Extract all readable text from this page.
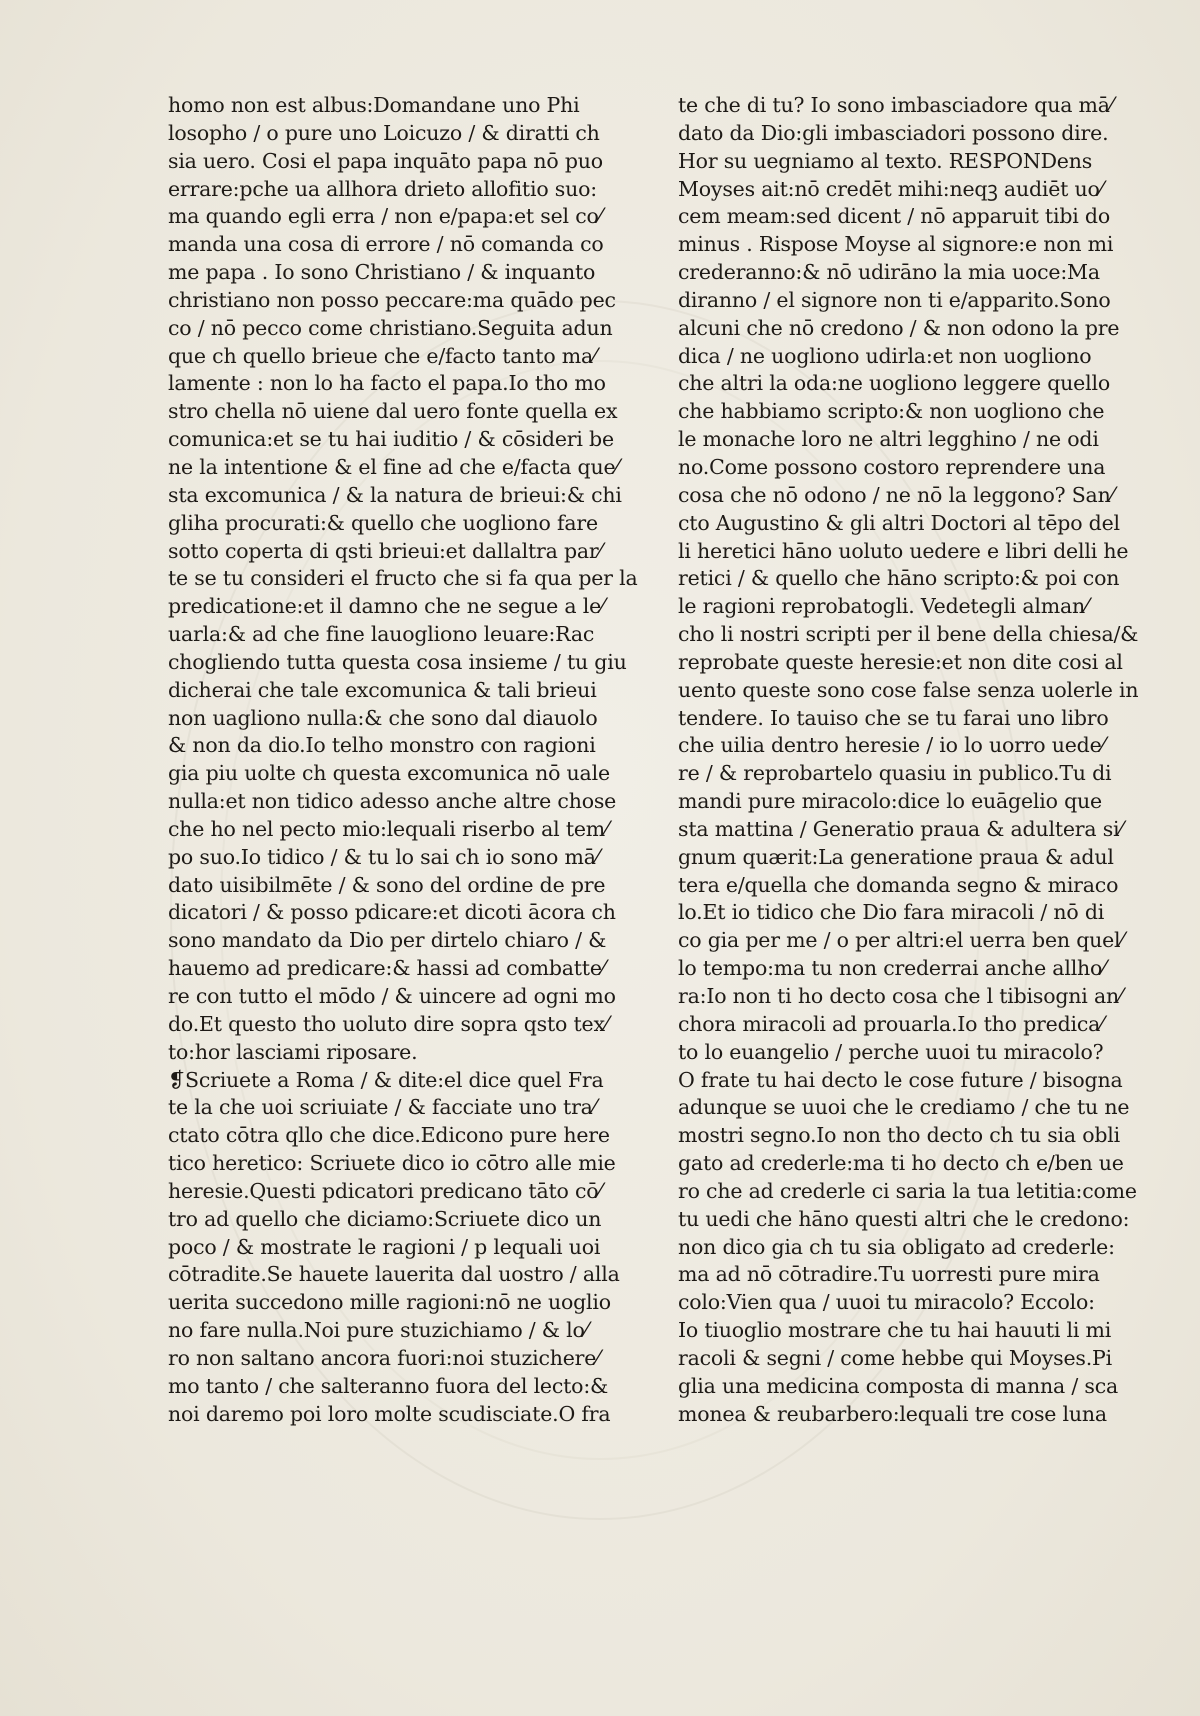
homo non est albus:Domandane uno Phi
losopho / o pure uno Loicuzo / & diratti ch
sia uero. Cosi el papa inquāto papa nō puo
errare:pche ua allhora drieto allofitio suo:
ma quando egli erra / non e/papa:et sel co⁄
manda una cosa di errore / nō comanda co
me papa . Io sono Christiano / & inquanto
christiano non posso peccare:ma quādo pec
co / nō pecco come christiano.Seguita adun
que ch quello brieue che e/facto tanto ma⁄
lamente : non lo ha facto el papa.Io tho mo
stro chella nō uiene dal uero fonte quella ex
comunica:et se tu hai iuditio / & cōsideri be
ne la intentione & el fine ad che e/facta que⁄
sta excomunica / & la natura de brieui:& chi
gliha procurati:& quello che uogliono fare
sotto coperta di qsti brieui:et dallaltra par⁄
te se tu consideri el fructo che si fa qua per la
predicatione:et il damno che ne segue a le⁄
uarla:& ad che fine lauogliono leuare:Rac
chogliendo tutta questa cosa insieme / tu giu
dicherai che tale excomunica & tali brieui
non uagliono nulla:& che sono dal diauolo
& non da dio.Io telho monstro con ragioni
gia piu uolte ch questa excomunica nō uale
nulla:et non tidico adesso anche altre chose
che ho nel pecto mio:lequali riserbo al tem⁄
po suo.Io tidico / & tu lo sai ch io sono mā⁄
dato uisibilmēte / & sono del ordine de pre
dicatori / & posso pdicare:et dicoti ācora ch
sono mandato da Dio per dirtelo chiaro / &
hauemo ad predicare:& hassi ad combatte⁄
re con tutto el mōdo / & uincere ad ogni mo
do.Et questo tho uoluto dire sopra qsto tex⁄
to:hor lasciami riposare.
❡Scriuete a Roma / & dite:el dice quel Fra
te la che uoi scriuiate / & facciate uno tra⁄
ctato cōtra qllo che dice.Edicono pure here
tico heretico: Scriuete dico io cōtro alle mie
heresie.Questi pdicatori predicano tāto cō⁄
tro ad quello che diciamo:Scriuete dico un
poco / & mostrate le ragioni / p lequali uoi
cōtradite.Se hauete lauerita dal uostro / alla
uerita succedono mille ragioni:nō ne uoglio
no fare nulla.Noi pure stuzichiamo / & lo⁄
ro non saltano ancora fuori:noi stuzichere⁄
mo tanto / che salteranno fuora del lecto:&
noi daremo poi loro molte scudisciate.O fra
te che di tu? Io sono imbasciadore qua mā⁄
dato da Dio:gli imbasciadori possono dire.
Hor su uegniamo al texto. RESPONDens
Moyses ait:nō credēt mihi:neqꝫ audiēt uo⁄
cem meam:sed dicent / nō apparuit tibi do
minus . Rispose Moyse al signore:e non mi
crederanno:& nō udirāno la mia uoce:Ma
diranno / el signore non ti e/apparito.Sono
alcuni che nō credono / & non odono la pre
dica / ne uogliono udirla:et non uogliono
che altri la oda:ne uogliono leggere quello
che habbiamo scripto:& non uogliono che
le monache loro ne altri legghino / ne odi
no.Come possono costoro reprendere una
cosa che nō odono / ne nō la leggono? San⁄
cto Augustino & gli altri Doctori al tēpo del
li heretici hāno uoluto uedere e libri delli he
retici / & quello che hāno scripto:& poi con
le ragioni reprobatogli. Vedetegli alman⁄
cho li nostri scripti per il bene della chiesa/&
reprobate queste heresie:et non dite cosi al
uento queste sono cose false senza uolerle in
tendere. Io tauiso che se tu farai uno libro
che uilia dentro heresie / io lo uorro uede⁄
re / & reprobartelo quasiu in publico.Tu di
mandi pure miracolo:dice lo euāgelio que
sta mattina / Generatio praua & adultera si⁄
gnum quærit:La generatione praua & adul
tera e/quella che domanda segno & miraco
lo.Et io tidico che Dio fara miracoli / nō di
co gia per me / o per altri:el uerra ben quel⁄
lo tempo:ma tu non crederrai anche allho⁄
ra:Io non ti ho decto cosa che l tibisogni an⁄
chora miracoli ad prouarla.Io tho predica⁄
to lo euangelio / perche uuoi tu miracolo?
O frate tu hai decto le cose future / bisogna
adunque se uuoi che le crediamo / che tu ne
mostri segno.Io non tho decto ch tu sia obli
gato ad crederle:ma ti ho decto ch e/ben ue
ro che ad crederle ci saria la tua letitia:come
tu uedi che hāno questi altri che le credono:
non dico gia ch tu sia obligato ad crederle:
ma ad nō cōtradire.Tu uorresti pure mira
colo:Vien qua / uuoi tu miracolo? Eccolo:
Io tiuoglio mostrare che tu hai hauuti li mi
racoli & segni / come hebbe qui Moyses.Pi
glia una medicina composta di manna / sca
monea & reubarbero:lequali tre cose luna
